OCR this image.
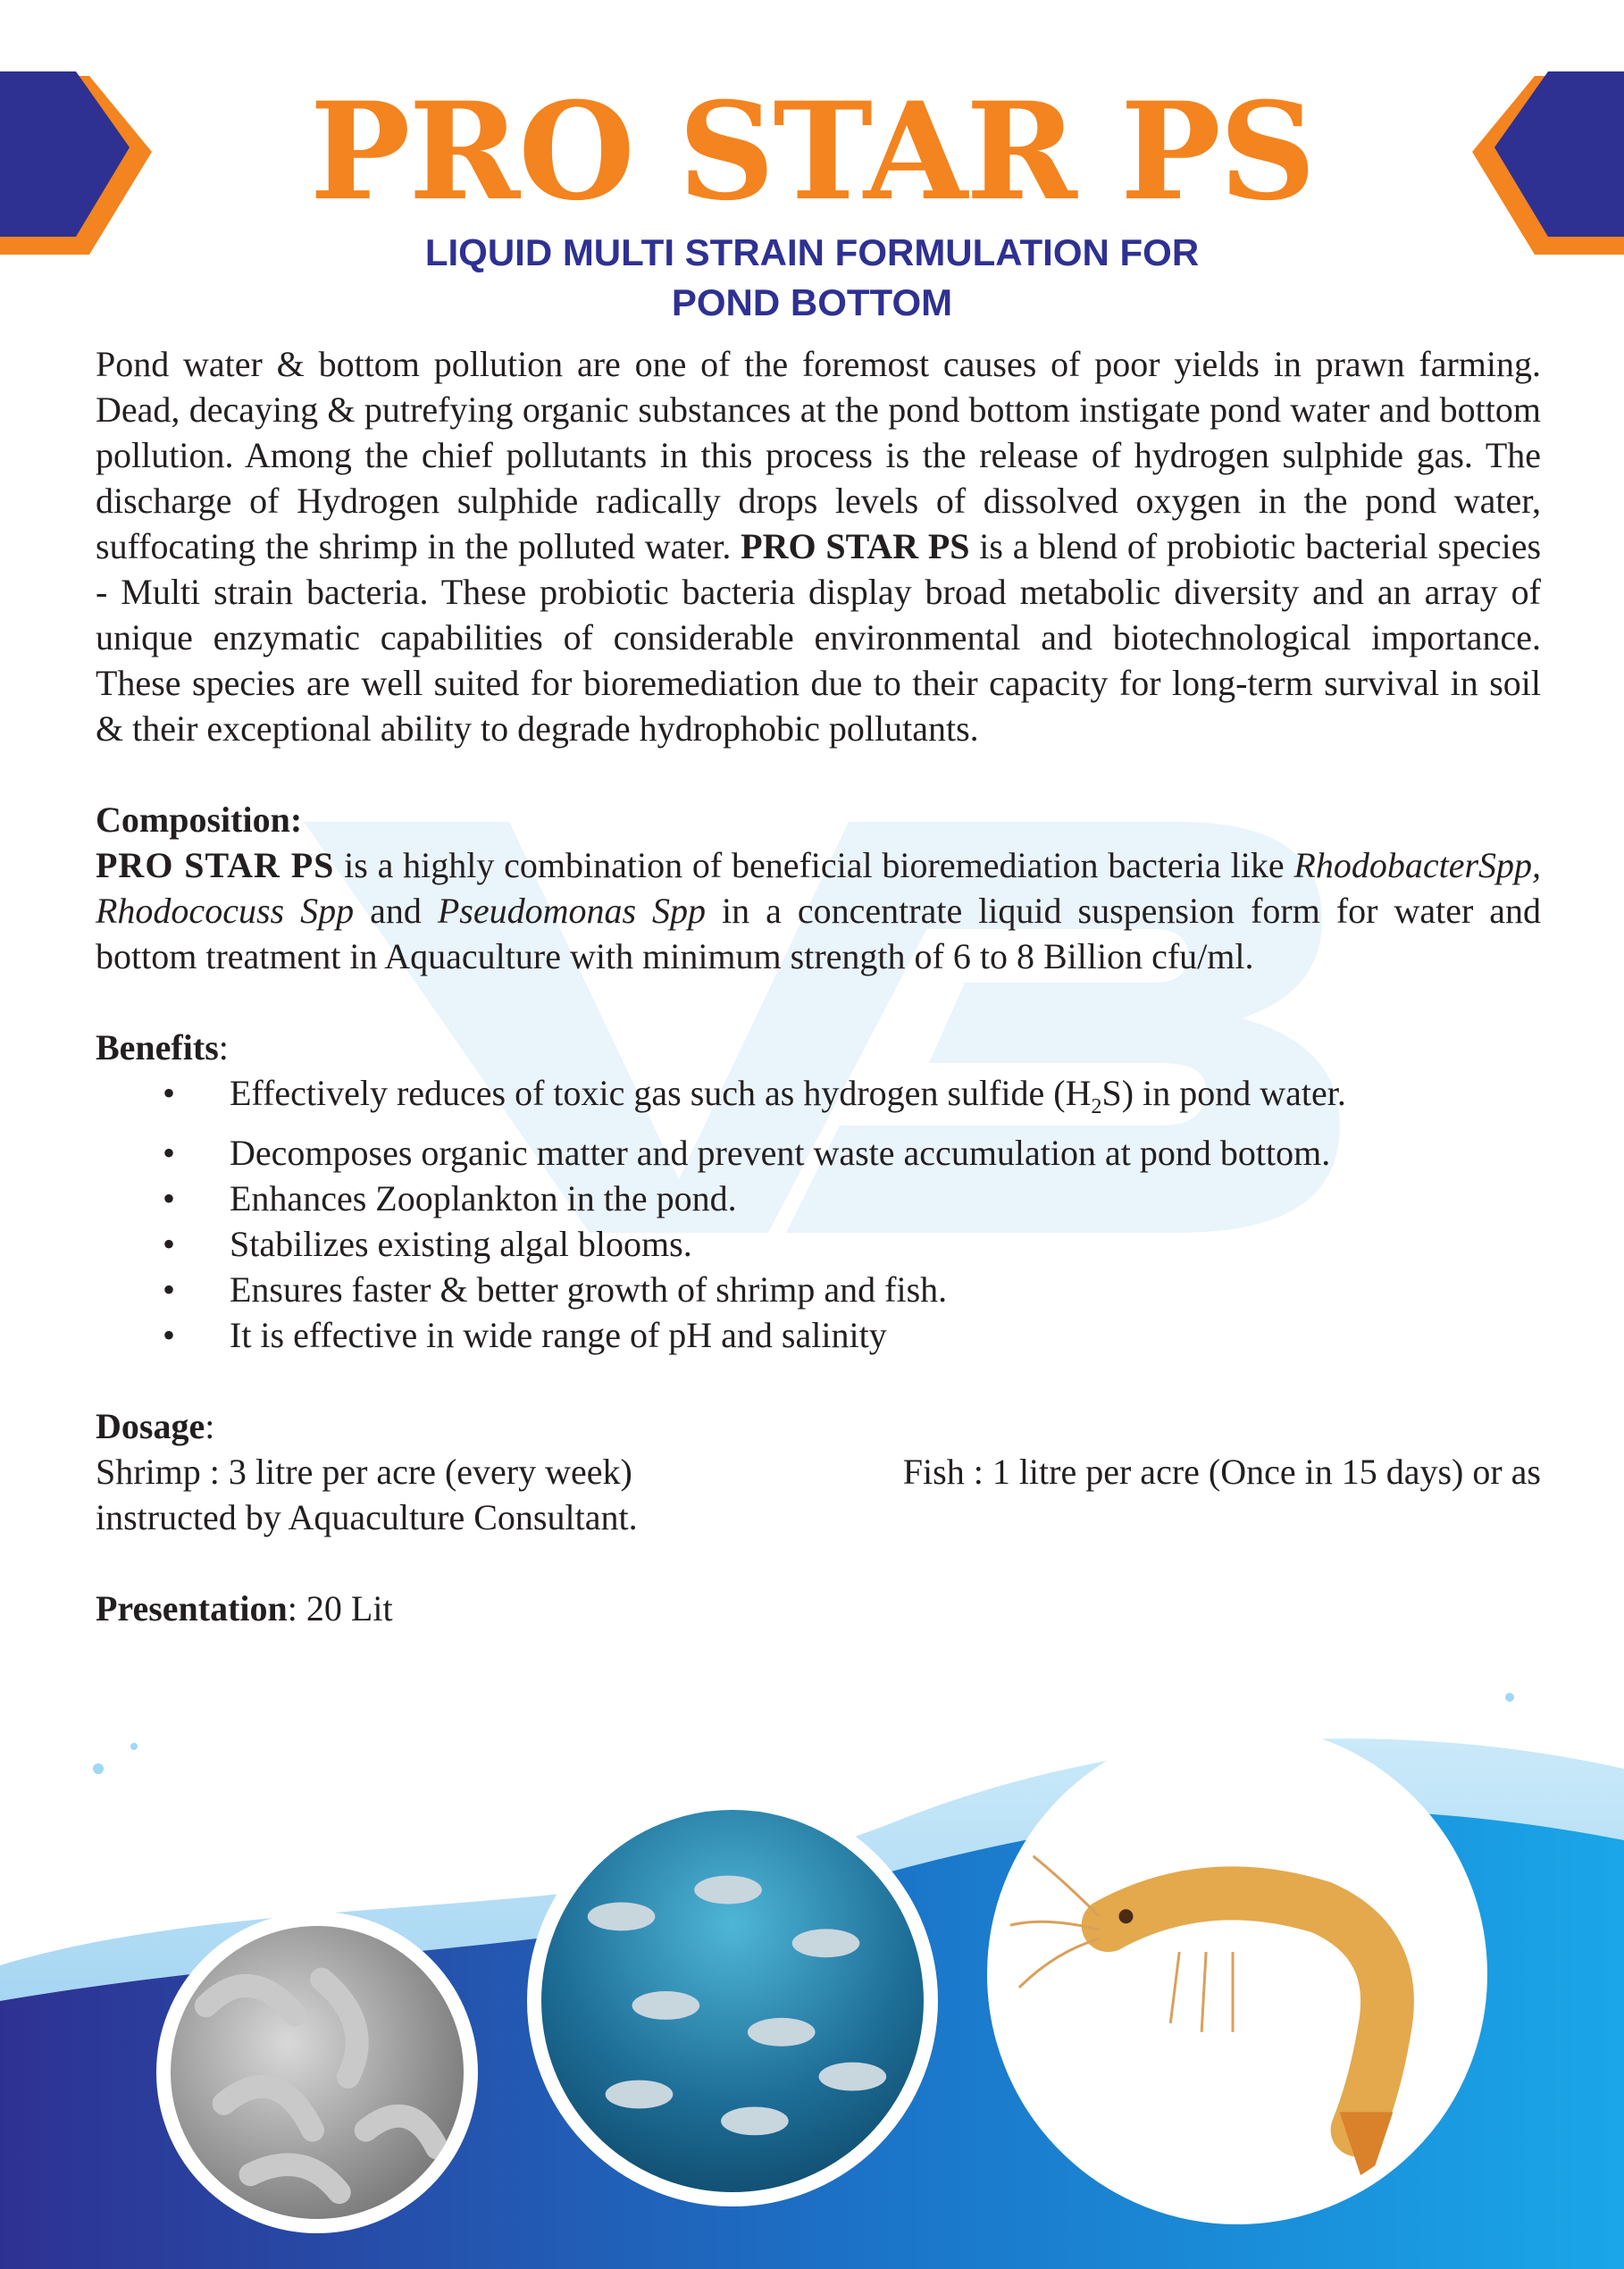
PRO STAR PS
LIQUID MULTI STRAIN FORMULATION FOR
POND BOTTOM

Pond water & bottom pollution are one of the foremost causes of poor yields in prawn farming. Dead, decaying & putrefying organic substances at the pond bottom instigate pond water and bottom pollution. Among the chief pollutants in this process is the release of hydrogen sulphide gas. The discharge of Hydrogen sulphide radically drops levels of dissolved oxygen in the pond water, suffocating the shrimp in the polluted water. PRO STAR PS is a blend of probiotic bacterial species - Multi strain bacteria. These probiotic bacteria display broad metabolic diversity and an array of unique enzymatic capabilities of considerable environmental and biotechnological importance. These species are well suited for bioremediation due to their capacity for long-term survival in soil & their exceptional ability to degrade hydrophobic pollutants.

Composition:

PRO STAR PS is a highly combination of beneficial bioremediation bacteria like RhodobacterSpp, Rhodococuss Spp and Pseudomonas Spp in a concentrate liquid suspension form for water and bottom treatment in Aquaculture with minimum strength of 6 to 8 Billion cfu/ml.

Benefits:
• Effectively reduces of toxic gas such as hydrogen sulfide $(H_2S)$ in pond water.
• Decomposes organic matter and prevent waste accumulation at pond bottom.
• Enhances Zooplankton in the pond.
• Stabilizes existing algal blooms.
• Ensures faster & better growth of shrimp and fish.
• It is effective in wide range of pH and salinity
Dosage:
Shrimp : 3 litre per acre (every week)	Fish : 1 litre per acre (Once in 15 days) or as
instructed by Aquaculture Consultant.
Presentation: 20 Lit
